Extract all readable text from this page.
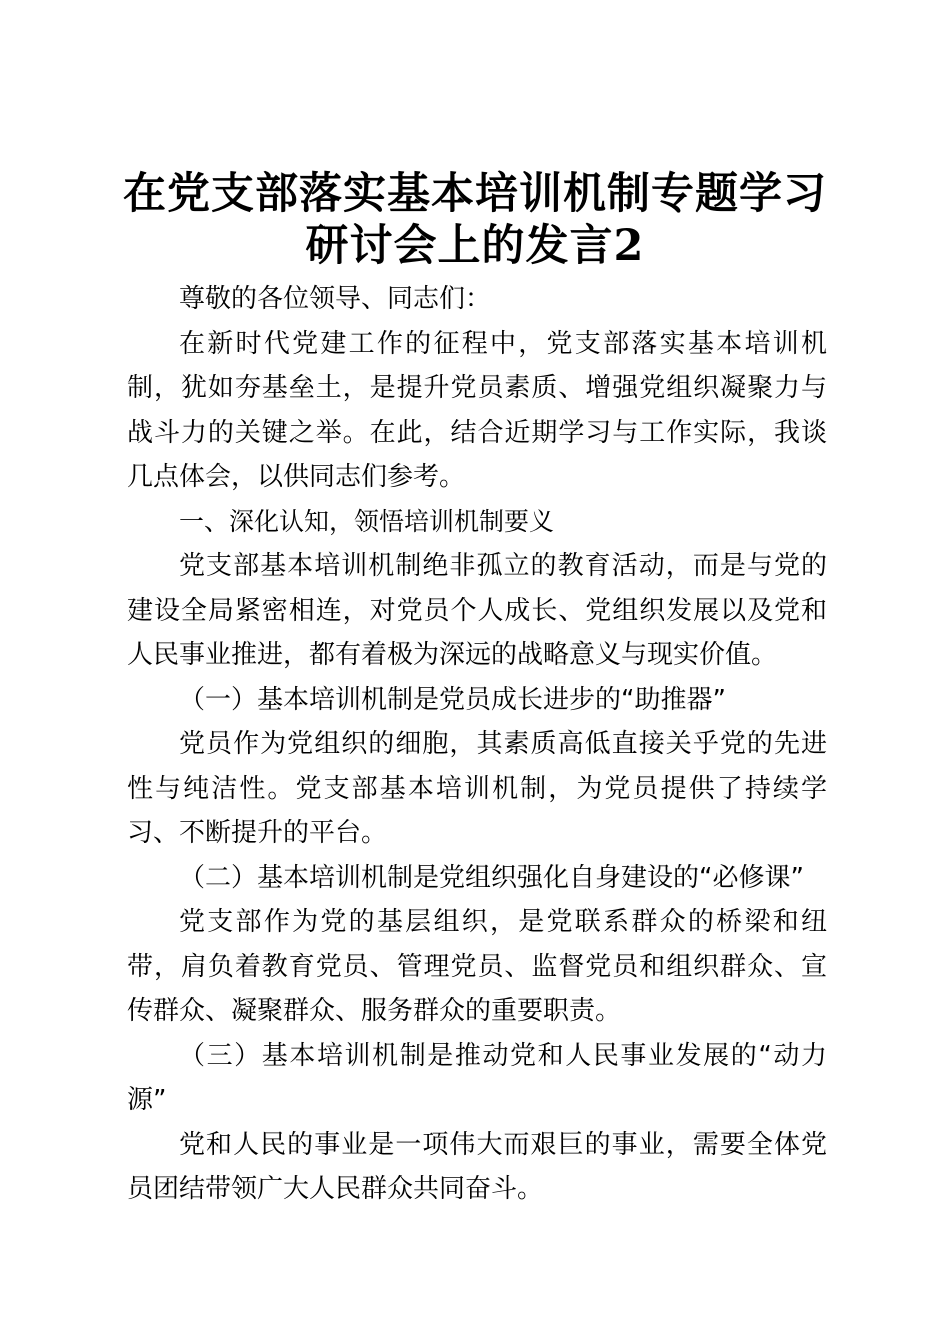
在党支部落实基本培训机制专题学习研讨会上的发言2

尊敬的各位领导、同志们：

在新时代党建工作的征程中，党支部落实基本培训机制，犹如夯基垒土，是提升党员素质、增强党组织凝聚力与战斗力的关键之举。在此，结合近期学习与工作实际，我谈几点体会，以供同志们参考。

一、深化认知，领悟培训机制要义

党支部基本培训机制绝非孤立的教育活动，而是与党的建设全局紧密相连，对党员个人成长、党组织发展以及党和人民事业推进，都有着极为深远的战略意义与现实价值。

（一）基本培训机制是党员成长进步的“助推器”

党员作为党组织的细胞，其素质高低直接关乎党的先进性与纯洁性。党支部基本培训机制，为党员提供了持续学习、不断提升的平台。

（二）基本培训机制是党组织强化自身建设的“必修课”

党支部作为党的基层组织，是党联系群众的桥梁和纽带，肩负着教育党员、管理党员、监督党员和组织群众、宣传群众、凝聚群众、服务群众的重要职责。

（三）基本培训机制是推动党和人民事业发展的“动力源”

党和人民的事业是一项伟大而艰巨的事业，需要全体党员团结带领广大人民群众共同奋斗。
